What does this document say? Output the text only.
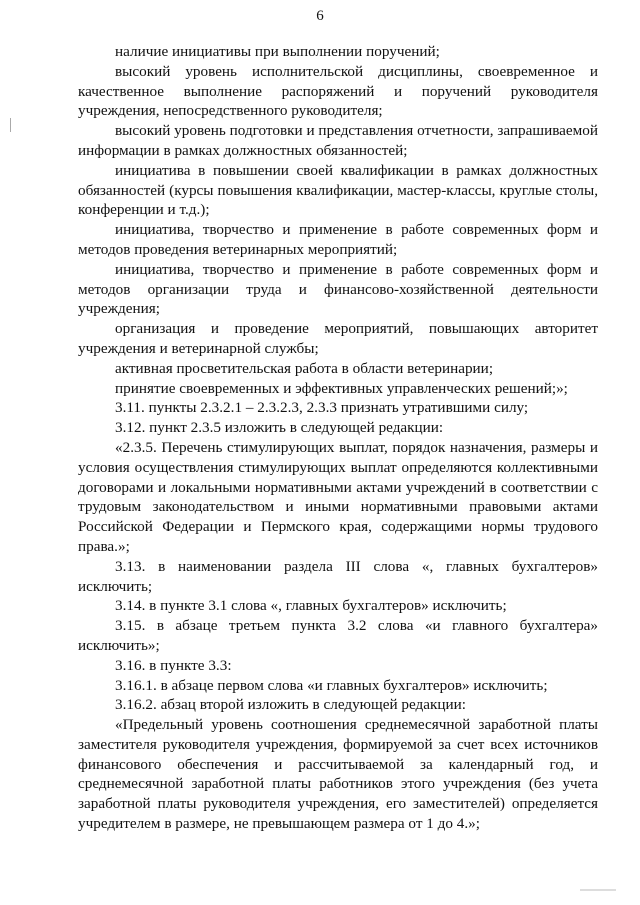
6

наличие инициативы при выполнении поручений;

высокий уровень исполнительской дисциплины, своевременное и качественное выполнение распоряжений и поручений руководителя учреждения, непосредственного руководителя;

высокий уровень подготовки и представления отчетности, запрашиваемой информации в рамках должностных обязанностей;

инициатива в повышении своей квалификации в рамках должностных обязанностей (курсы повышения квалификации, мастер-классы, круглые столы, конференции и т.д.);

инициатива, творчество и применение в работе современных форм и методов проведения ветеринарных мероприятий;

инициатива, творчество и применение в работе современных форм и методов организации труда и финансово-хозяйственной деятельности учреждения;

организация и проведение мероприятий, повышающих авторитет учреждения и ветеринарной службы;

активная просветительская работа в области ветеринарии;

принятие своевременных и эффективных управленческих решений;»;

3.11. пункты 2.3.2.1 – 2.3.2.3, 2.3.3 признать утратившими силу;

3.12. пункт 2.3.5 изложить в следующей редакции:

«2.3.5. Перечень стимулирующих выплат, порядок назначения, размеры и условия осуществления стимулирующих выплат определяются коллективными договорами и локальными нормативными актами учреждений в соответствии с трудовым законодательством и иными нормативными правовыми актами Российской Федерации и Пермского края, содержащими нормы трудового права.»;

3.13. в наименовании раздела III слова «, главных бухгалтеров» исключить;

3.14. в пункте 3.1 слова «, главных бухгалтеров» исключить;

3.15. в абзаце третьем пункта 3.2 слова «и главного бухгалтера» исключить»;

3.16. в пункте 3.3:

3.16.1. в абзаце первом слова «и главных бухгалтеров» исключить;

3.16.2. абзац второй изложить в следующей редакции:

«Предельный уровень соотношения среднемесячной заработной платы заместителя руководителя учреждения, формируемой за счет всех источников финансового обеспечения и рассчитываемой за календарный год, и среднемесячной заработной платы работников этого учреждения (без учета заработной платы руководителя учреждения, его заместителей) определяется учредителем в размере, не превышающем размера от 1 до 4.»;
